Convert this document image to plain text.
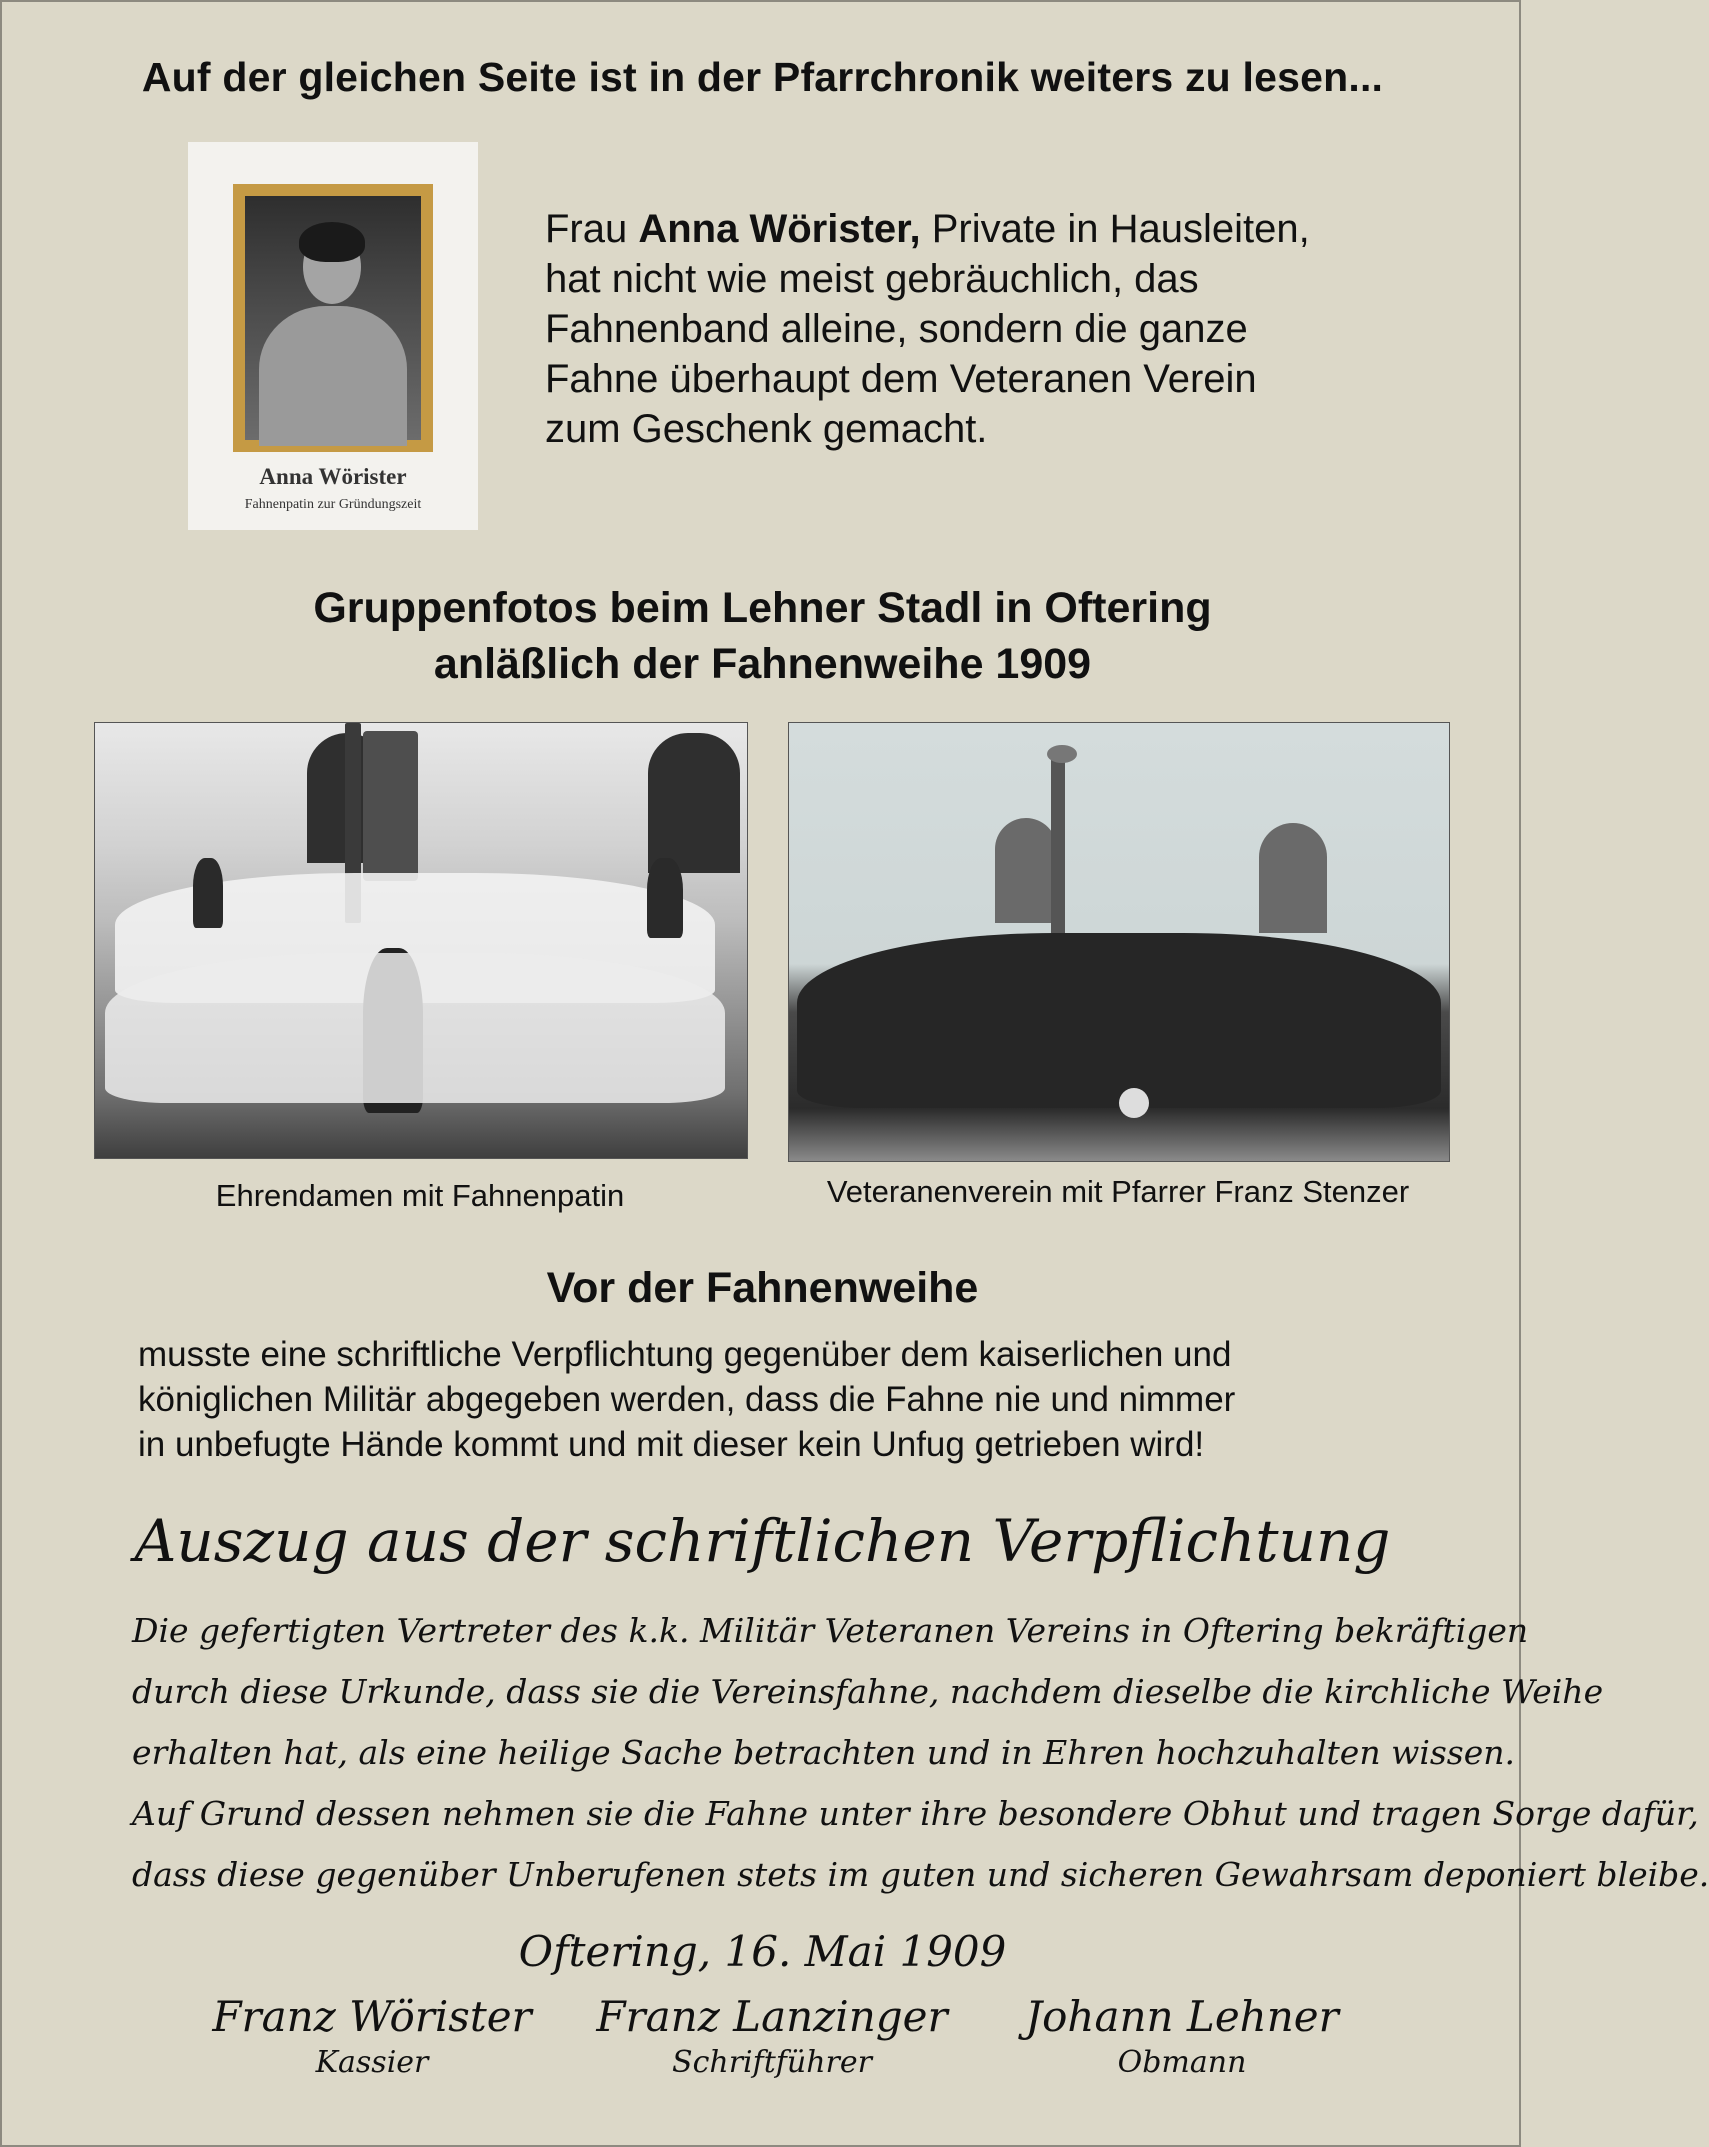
Auf der gleichen Seite ist in der Pfarrchronik weiters zu lesen...
Anna Wörister
Fahnenpatin zur Gründungszeit
Frau Anna Wörister, Private in Hausleiten,
hat nicht wie meist gebräuchlich, das
Fahnenband alleine, sondern die ganze
Fahne überhaupt dem Veteranen Verein
zum Geschenk gemacht.
Gruppenfotos beim Lehner Stadl in Oftering
anläßlich der Fahnenweihe 1909
Ehrendamen mit Fahnenpatin	Veteranenverein mit Pfarrer Franz Stenzer
Vor der Fahnenweihe
musste eine schriftliche Verpflichtung gegenüber dem kaiserlichen und
königlichen Militär abgegeben werden, dass die Fahne nie und nimmer
in unbefugte Hände kommt und mit dieser kein Unfug getrieben wird!
Auszug aus der schriftlichen Verpflichtung
Die gefertigten Vertreter des k.k. Militär Veteranen Vereins in Oftering bekräftigen
durch diese Urkunde, dass sie die Vereinsfahne, nachdem dieselbe die kirchliche Weihe
erhalten hat, als eine heilige Sache betrachten und in Ehren hochzuhalten wissen.
Auf Grund dessen nehmen sie die Fahne unter ihre besondere Obhut und tragen Sorge dafür,
dass diese gegenüber Unberufenen stets im guten und sicheren Gewahrsam deponiert bleibe.
Oftering, 16. Mai 1909
Franz Wörister
Kassier
Franz Lanzinger
Schriftführer
Johann Lehner
Obmann
